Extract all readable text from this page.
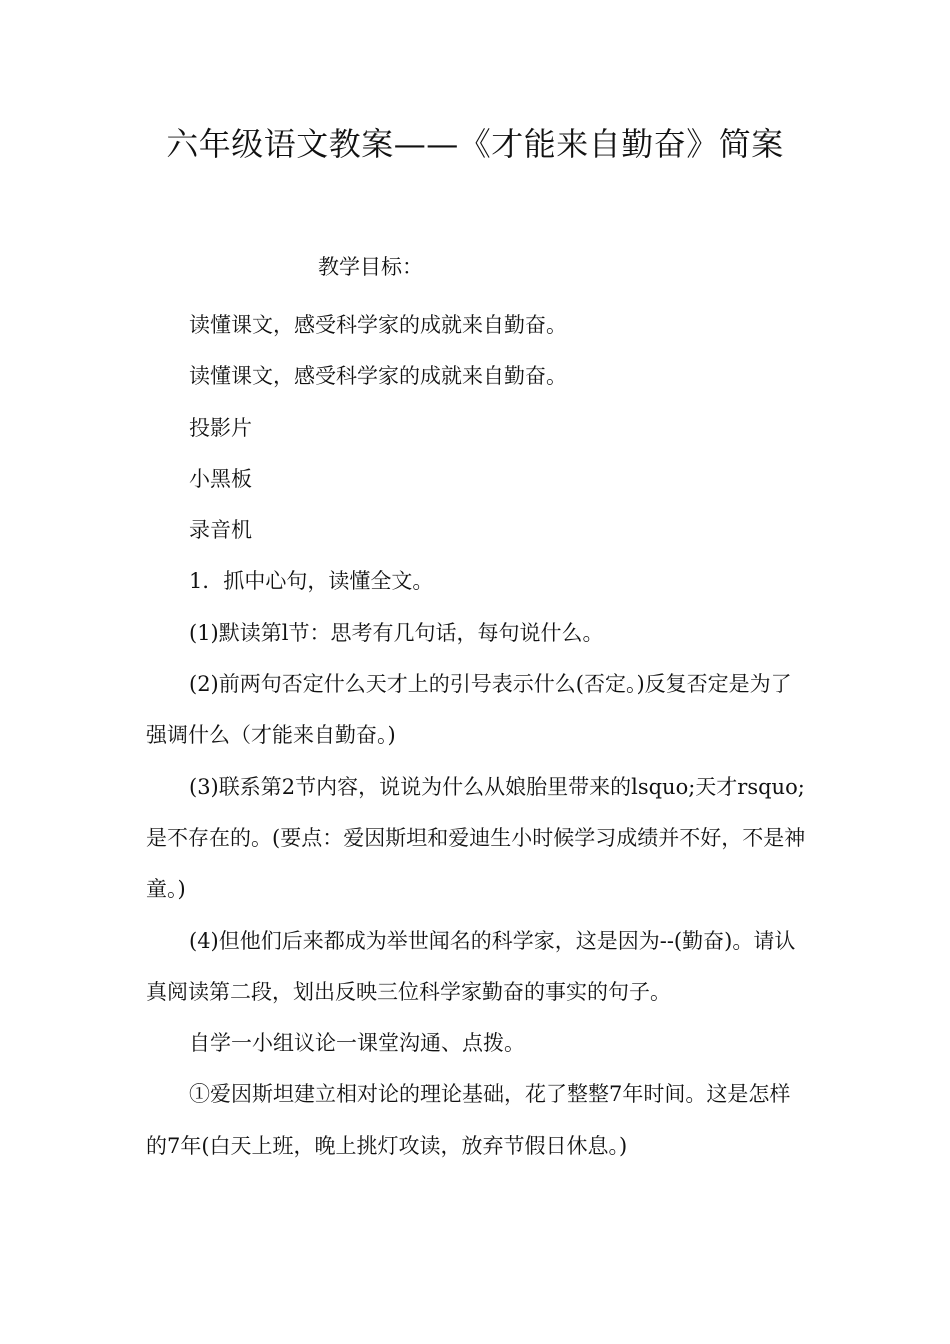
六年级语文教案——《才能来自勤奋》简案
教学目标：

读懂课文，感受科学家的成就来自勤奋。

读懂课文，感受科学家的成就来自勤奋。

投影片

小黑板

录音机

1．抓中心句，读懂全文。

(1)默读第l节：思考有几句话，每句说什么。

(2)前两句否定什么天才上的引号表示什么(否定。)反复否定是为了强调什么（才能来自勤奋。)

(3)联系第2节内容，说说为什么从娘胎里带来的lsquo;天才rsquo;是不存在的。(要点：爱因斯坦和爱迪生小时候学习成绩并不好，不是神童。)

(4)但他们后来都成为举世闻名的科学家，这是因为--(勤奋)。请认真阅读第二段，划出反映三位科学家勤奋的事实的句子。

自学一小组议论一课堂沟通、点拨。

①爱因斯坦建立相对论的理论基础，花了整整7年时间。这是怎样的7年(白天上班，晚上挑灯攻读，放弃节假日休息。)
